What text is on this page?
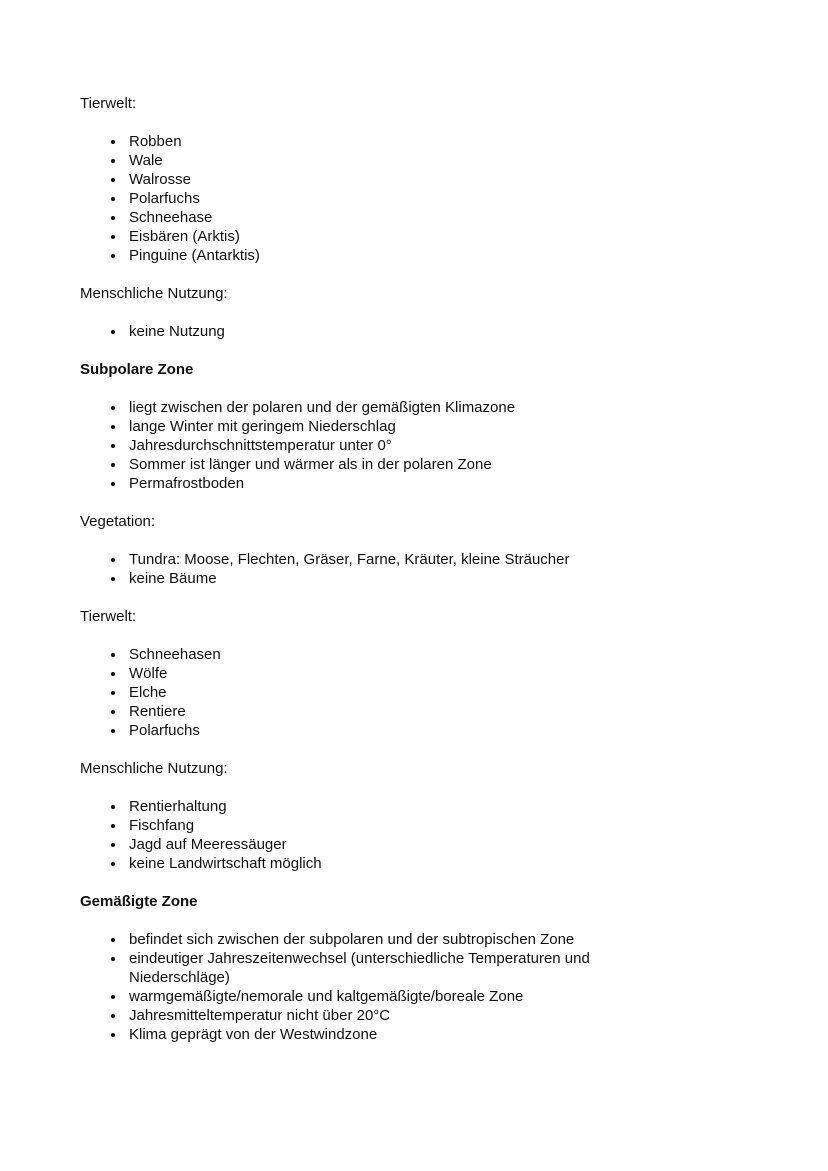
Tierwelt:

Robben
Wale
Walrosse
Polarfuchs
Schneehase
Eisbären (Arktis)
Pinguine (Antarktis)

Menschliche Nutzung:

keine Nutzung

Subpolare Zone

liegt zwischen der polaren und der gemäßigten Klimazone
lange Winter mit geringem Niederschlag
Jahresdurchschnittstemperatur unter 0°
Sommer ist länger und wärmer als in der polaren Zone
Permafrostboden

Vegetation:

Tundra: Moose, Flechten, Gräser, Farne, Kräuter, kleine Sträucher
keine Bäume

Tierwelt:

Schneehasen
Wölfe
Elche
Rentiere
Polarfuchs

Menschliche Nutzung:

Rentierhaltung
Fischfang
Jagd auf Meeressäuger
keine Landwirtschaft möglich

Gemäßigte Zone

befindet sich zwischen der subpolaren und der subtropischen Zone
eindeutiger Jahreszeitenwechsel (unterschiedliche Temperaturen und Niederschläge)
warmgemäßigte/nemorale und kaltgemäßigte/boreale Zone
Jahresmitteltemperatur nicht über 20°C
Klima geprägt von der Westwindzone
